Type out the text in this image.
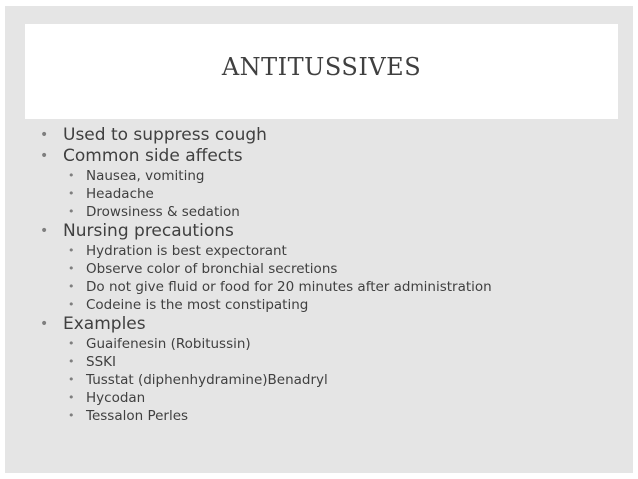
ANTITUSSIVES
• Used to suppress cough
• Common side affects
• Nausea, vomiting
• Headache
• Drowsiness & sedation
• Nursing precautions
• Hydration is best expectorant
• Observe color of bronchial secretions
• Do not give fluid or food for 20 minutes after administration
• Codeine is the most constipating
• Examples
• Guaifenesin (Robitussin)
• SSKI
• Tusstat (diphenhydramine)Benadryl
• Hycodan
• Tessalon Perles
